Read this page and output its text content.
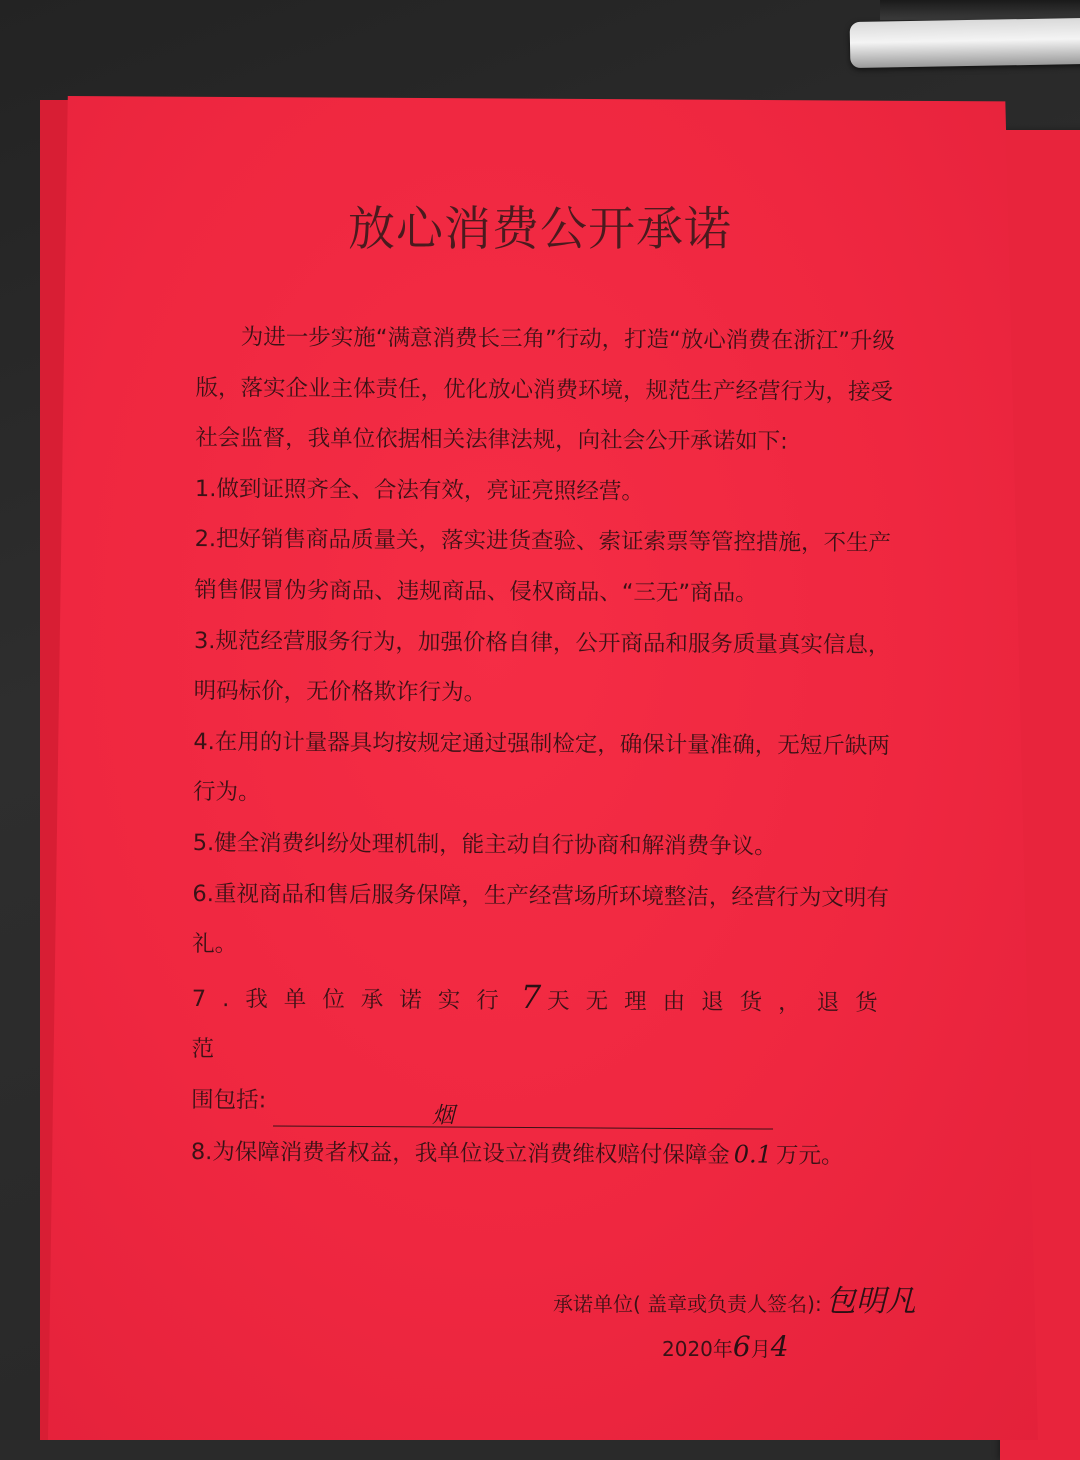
放心消费公开承诺

为进一步实施“满意消费长三角”行动，打造“放心消费在浙江”升级版，落实企业主体责任，优化放心消费环境，规范生产经营行为，接受社会监督，我单位依据相关法律法规，向社会公开承诺如下:

1.做到证照齐全、合法有效，亮证亮照经营。

2.把好销售商品质量关，落实进货查验、索证索票等管控措施，不生产销售假冒伪劣商品、违规商品、侵权商品、“三无”商品。

3.规范经营服务行为，加强价格自律，公开商品和服务质量真实信息，明码标价，无价格欺诈行为。

4.在用的计量器具均按规定通过强制检定，确保计量准确，无短斤缺两行为。

5.健全消费纠纷处理机制，能主动自行协商和解消费争议。

6.重视商品和售后服务保障，生产经营场所环境整洁，经营行为文明有礼。

7.我单位承诺实行 7 天无理由退货，退货范

围包括: 烟

8.为保障消费者权益，我单位设立消费维权赔付保障金 0.1 万元。

承诺单位( 盖章或负责人签名): 包明凡
2020年6月4
